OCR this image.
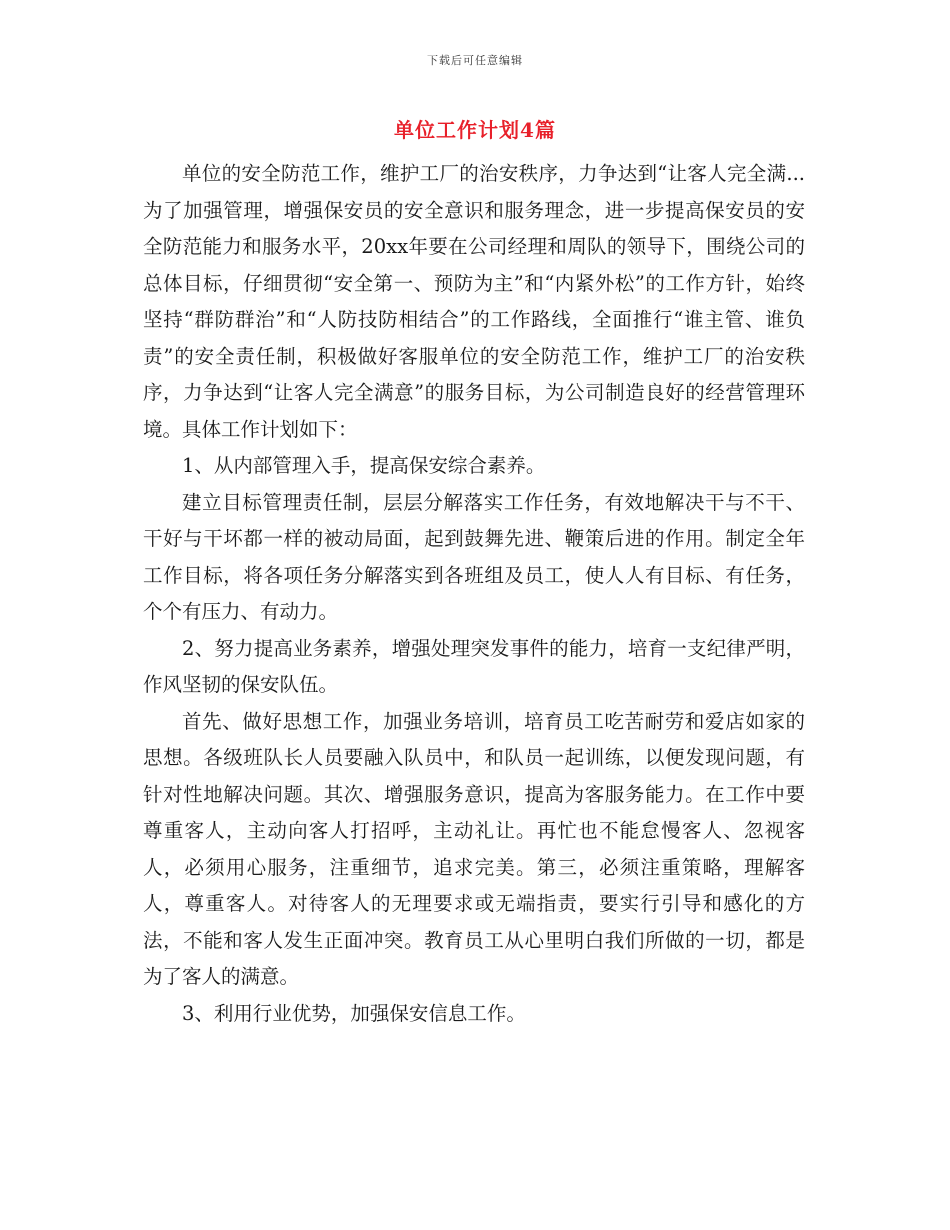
下载后可任意编辑
单位工作计划4篇

单位的安全防范工作，维护工厂的治安秩序，力争达到“让客人完全满...为了加强管理，增强保安员的安全意识和服务理念，进一步提高保安员的安全防范能力和服务水平，20xx年要在公司经理和周队的领导下，围绕公司的总体目标，仔细贯彻“安全第一、预防为主”和“内紧外松”的工作方针，始终坚持“群防群治”和“人防技防相结合”的工作路线，全面推行“谁主管、谁负责”的安全责任制，积极做好客服单位的安全防范工作，维护工厂的治安秩序，力争达到“让客人完全满意”的服务目标，为公司制造良好的经营管理环境。具体工作计划如下：

1、从内部管理入手，提高保安综合素养。

建立目标管理责任制，层层分解落实工作任务，有效地解决干与不干、干好与干坏都一样的被动局面，起到鼓舞先进、鞭策后进的作用。制定全年工作目标，将各项任务分解落实到各班组及员工，使人人有目标、有任务，个个有压力、有动力。

2、努力提高业务素养，增强处理突发事件的能力，培育一支纪律严明，作风坚韧的保安队伍。

首先、做好思想工作，加强业务培训，培育员工吃苦耐劳和爱店如家的思想。各级班队长人员要融入队员中，和队员一起训练，以便发现问题，有针对性地解决问题。其次、增强服务意识，提高为客服务能力。在工作中要尊重客人，主动向客人打招呼，主动礼让。再忙也不能怠慢客人、忽视客人，必须用心服务，注重细节，追求完美。第三，必须注重策略，理解客人，尊重客人。对待客人的无理要求或无端指责，要实行引导和感化的方法，不能和客人发生正面冲突。教育员工从心里明白我们所做的一切，都是为了客人的满意。

3、利用行业优势，加强保安信息工作。
